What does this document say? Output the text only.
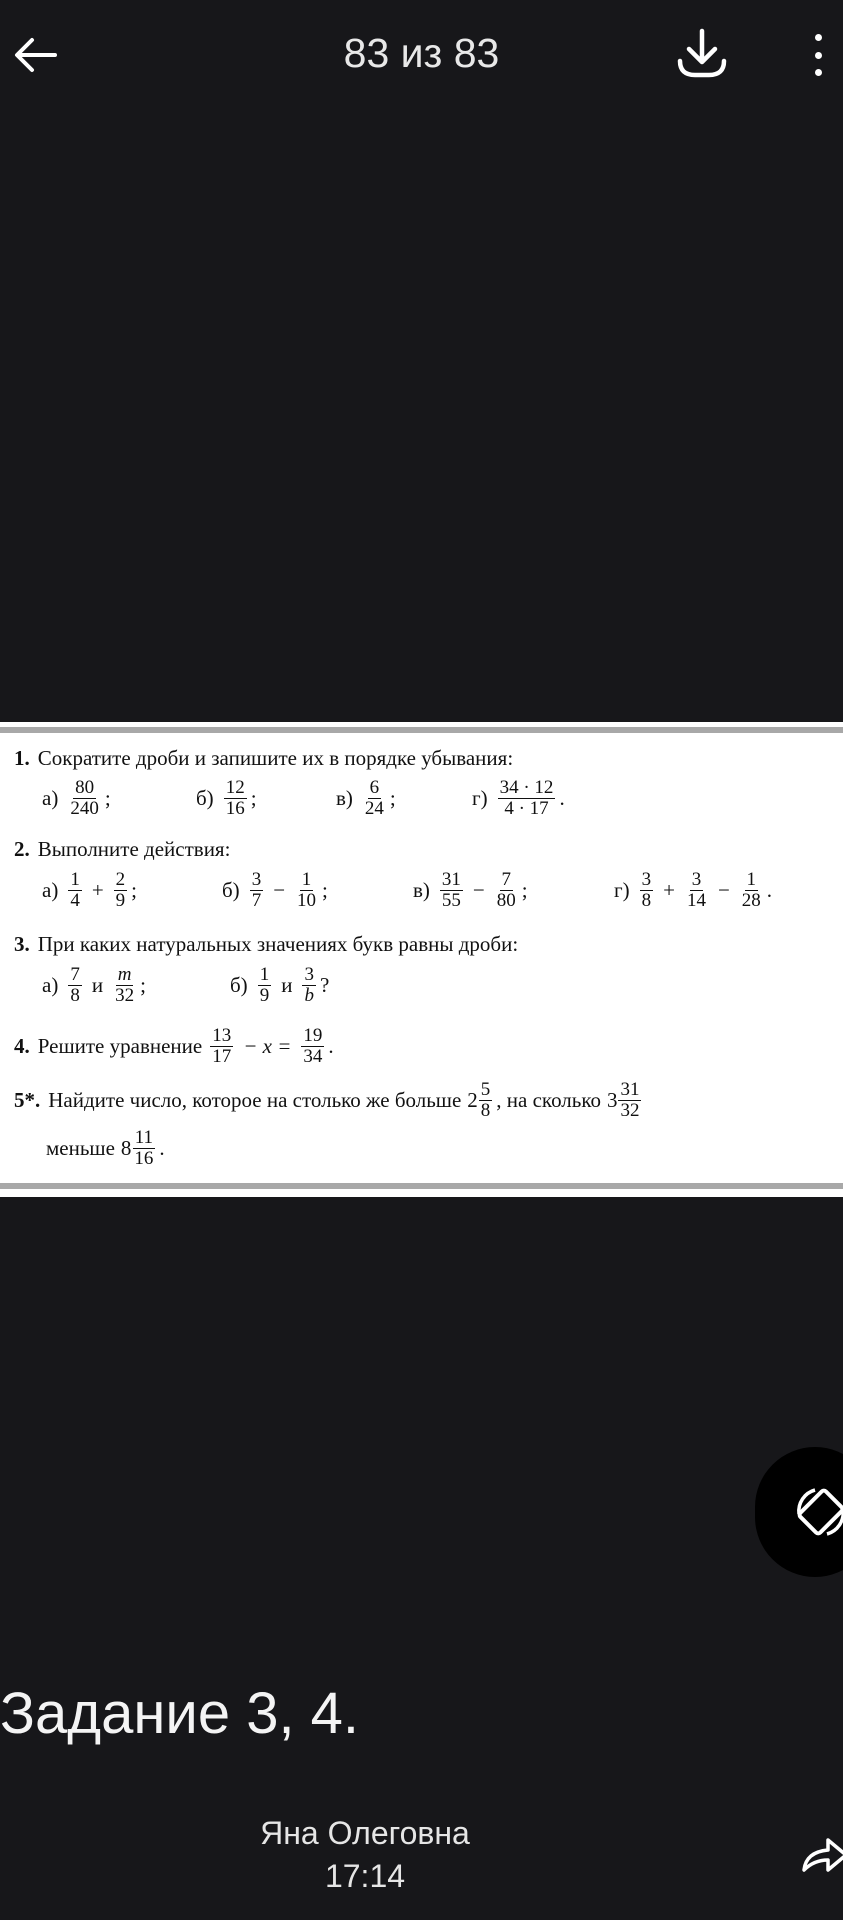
83 из 83
1. Сократите дроби и запишите их в порядке убывания:
$а) \frac{80}{240}$ ;	$б) \frac{12}{16}$ ;	$в) \frac{6}{24}$ ;	$г) \frac{34 \cdot 12}{4 \cdot 17}$ .
2. Выполните действия:
$а) \frac{1}{4} + \frac{2}{9}$ ;	$б) \frac{3}{7} - \frac{1}{10}$ ;	$в) \frac{31}{55} - \frac{7}{80}$ ;	$г) \frac{3}{8} + \frac{3}{14} - \frac{1}{28}$ .
3. При каких натуральных значениях букв равны дроби:
$а) \frac{7}{8}$ и $\frac{m}{32}$ ;	$б) \frac{1}{9}$ и $\frac{3}{b}$ ?
4. Решите уравнение $\frac{13}{17} - x = \frac{19}{34}$ .
5*. Найдите число, которое на столько же больше $2 \frac{5}{8}$ , на сколько $3 \frac{31}{32}$
меньше $8 \frac{11}{16}$ .
Задание 3, 4.
Яна Олеговна
17:14
